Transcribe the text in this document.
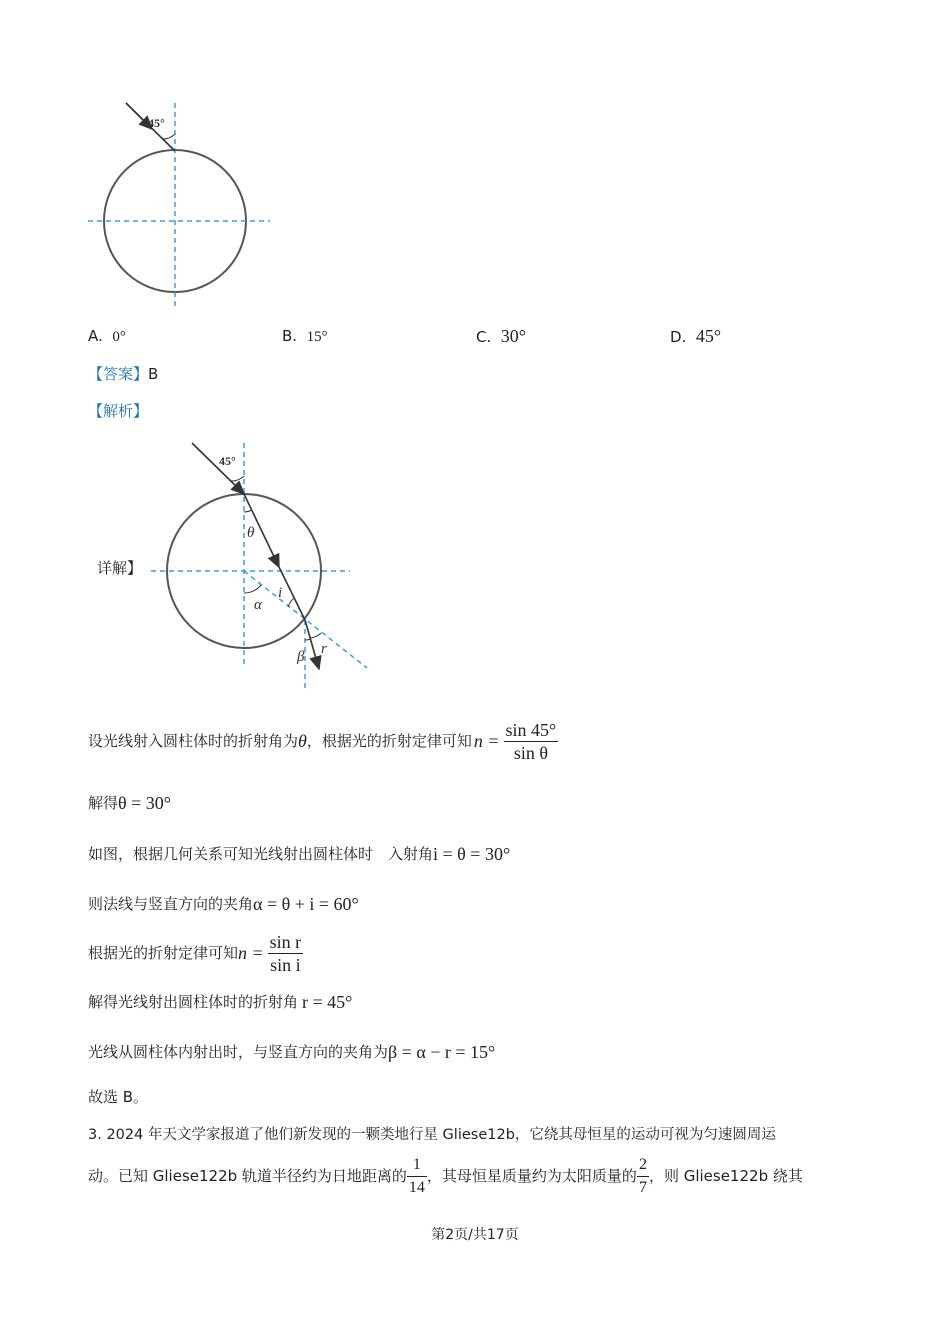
45°
A. 0°	B. 15°	C. 30°	D. 45°
【答案】B
【解析】
详解】
45°
θ
i
α
r
β
设光线射入圆柱体时的折射角为 θ ，根据光的折射定律可知 $n = \frac{\sin 45^\circ}{\text{sin θ}}$
解得 θ = 30°
如图，根据几何关系可知光线射出圆柱体时　入射角 i = θ = 30°
则法线与竖直方向的夹角 α = θ + i = 60°
根据光的折射定律可知 $n = \frac{\text{sin r}}{\text{sin i}}$
解得光线射出圆柱体时的折射角 r = 45°
光线从圆柱体内射出时，与竖直方向的夹角为 β = α − r = 15°
故选 B。
3. 2024 年天文学家报道了他们新发现的一颗类地行星 Gliese12b，它绕其母恒星的运动可视为匀速圆周运
动。已知 Gliese122b 轨道半径约为日地距离的 $\frac{1}{14}$ ，其母恒星质量约为太阳质量的 $\frac{2}{7}$ ，则 Gliese122b 绕其
第2页/共17页
